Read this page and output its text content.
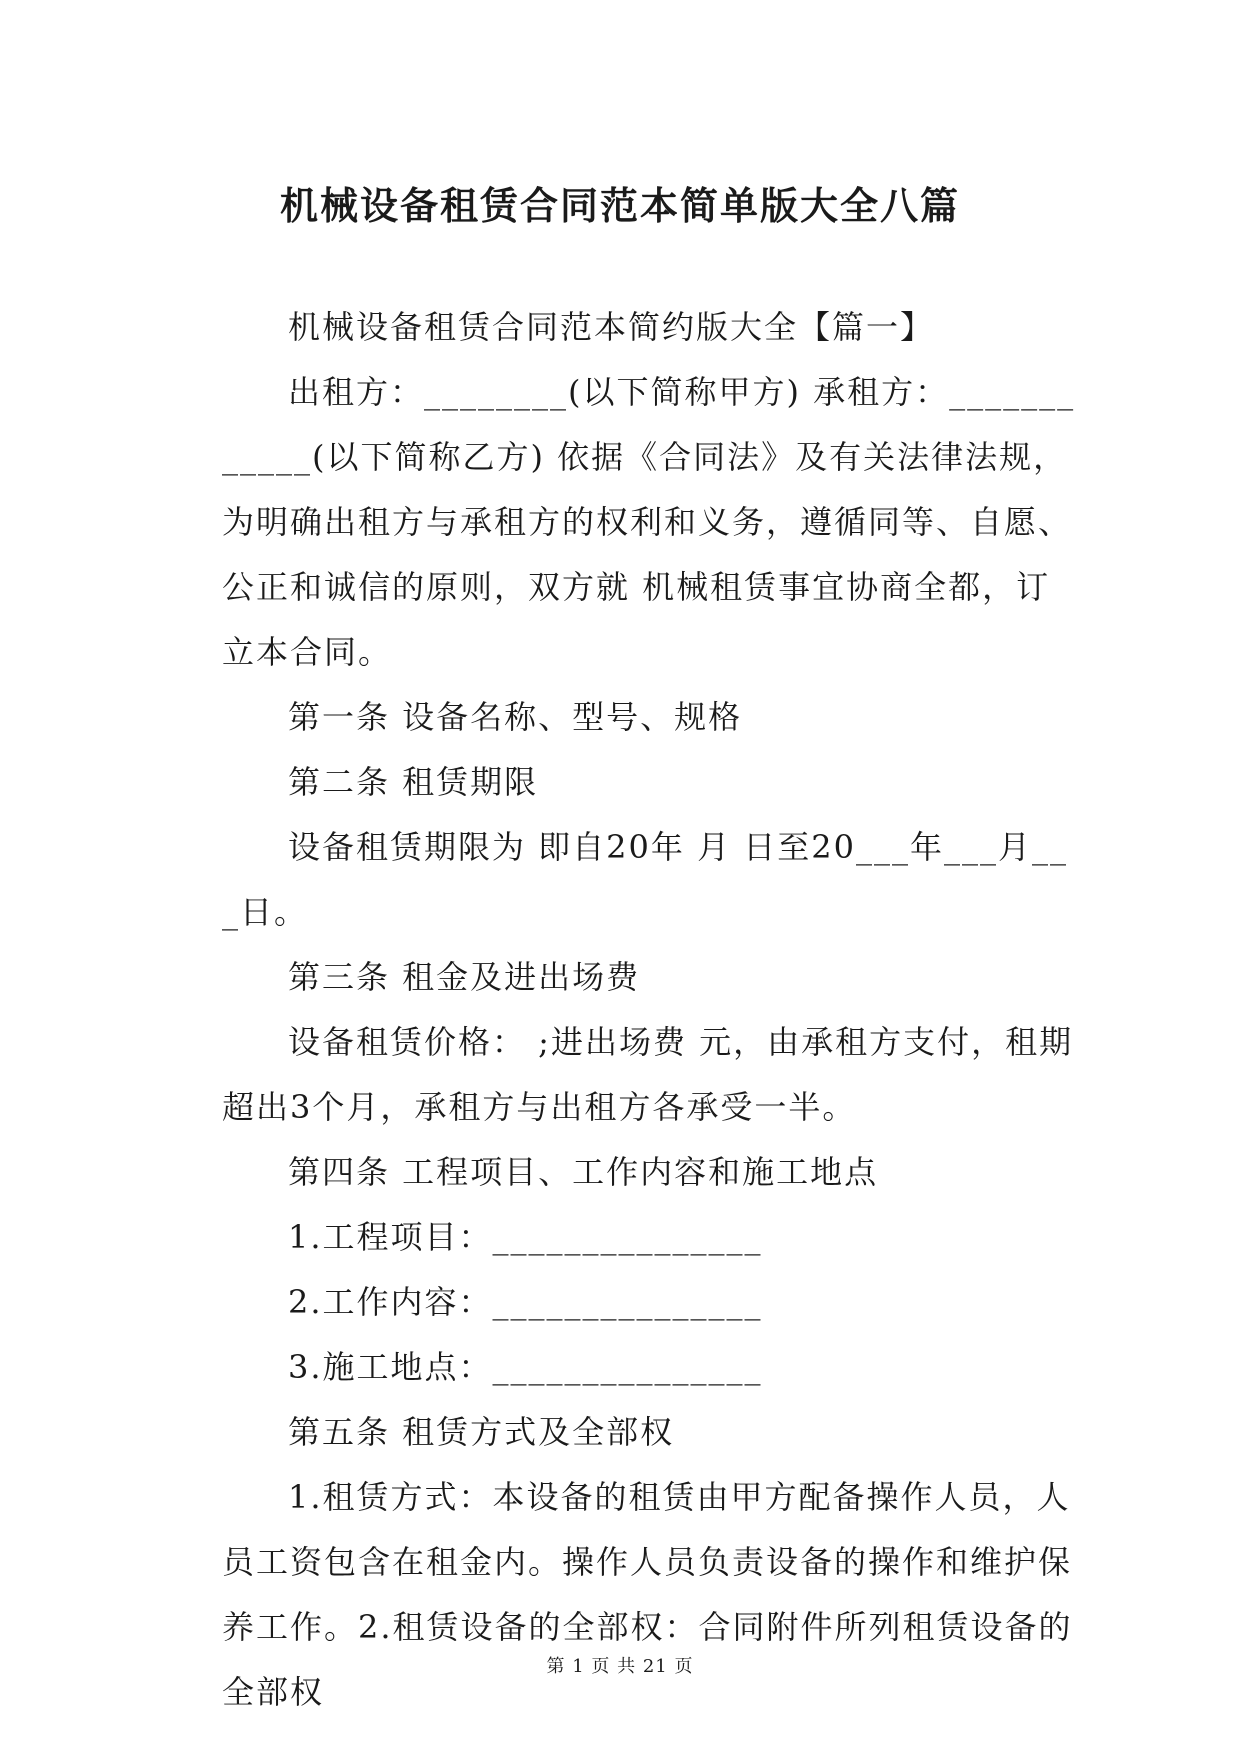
机械设备租赁合同范本简单版大全八篇

机械设备租赁合同范本简约版大全【篇一】

出租方：________(以下简称甲方) 承租方：____________(以下简称乙方) 依据《合同法》及有关法律法规，为明确出租方与承租方的权利和义务，遵循同等、自愿、公正和诚信的原则，双方就 机械租赁事宜协商全都，订立本合同。

第一条 设备名称、型号、规格

第二条 租赁期限

设备租赁期限为 即自20年 月 日至20___年___月___日。

第三条 租金及进出场费

设备租赁价格： ;进出场费 元，由承租方支付，租期超出3个月，承租方与出租方各承受一半。

第四条 工程项目、工作内容和施工地点

1.工程项目：_______________

2.工作内容：_______________

3.施工地点：_______________

第五条 租赁方式及全部权

1.租赁方式：本设备的租赁由甲方配备操作人员，人员工资包含在租金内。操作人员负责设备的操作和维护保养工作。2.租赁设备的全部权：合同附件所列租赁设备的全部权

第 1 页 共 21 页
